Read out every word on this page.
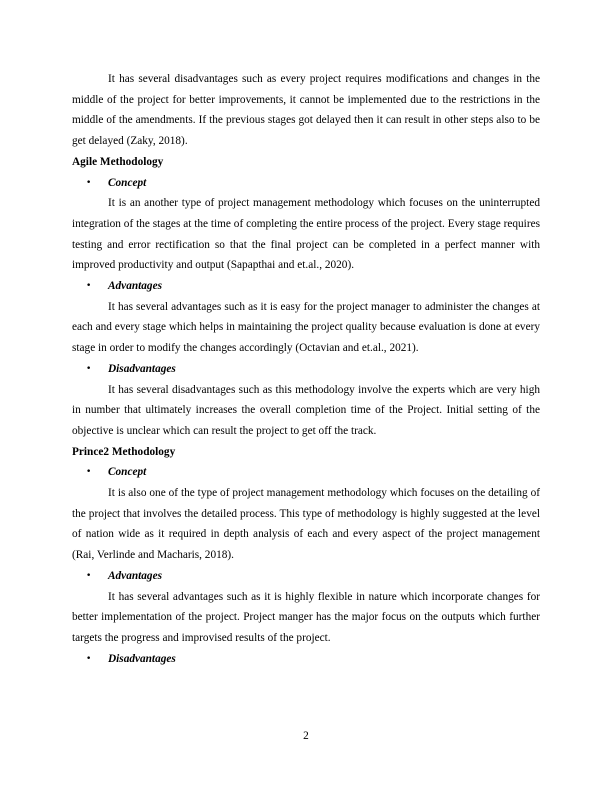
It has several disadvantages such as every project requires modifications and changes in the middle of the project for better improvements, it cannot be implemented due to the restrictions in the middle of the amendments. If the previous stages got delayed then it can result in other steps also to be get delayed (Zaky, 2018).

Agile Methodology

• Concept

It is an another type of project management methodology which focuses on the uninterrupted integration of the stages at the time of completing the entire process of the project. Every stage requires testing and error rectification so that the final project can be completed in a perfect manner with improved productivity and output (Sapapthai and et.al., 2020).

• Advantages

It has several advantages such as it is easy for the project manager to administer the changes at each and every stage which helps in maintaining the project quality because evaluation is done at every stage in order to modify the changes accordingly (Octavian and et.al., 2021).

• Disadvantages

It has several disadvantages such as this methodology involve the experts which are very high in number that ultimately increases the overall completion time of the Project. Initial setting of the objective is unclear which can result the project to get off the track.

Prince2 Methodology

• Concept

It is also one of the type of project management methodology which focuses on the detailing of the project that involves the detailed process. This type of methodology is highly suggested at the level of nation wide as it required in depth analysis of each and every aspect of the project management (Rai, Verlinde and Macharis, 2018).

• Advantages

It has several advantages such as it is highly flexible in nature which incorporate changes for better implementation of the project. Project manger has the major focus on the outputs which further targets the progress and improvised results of the project.

• Disadvantages

2
